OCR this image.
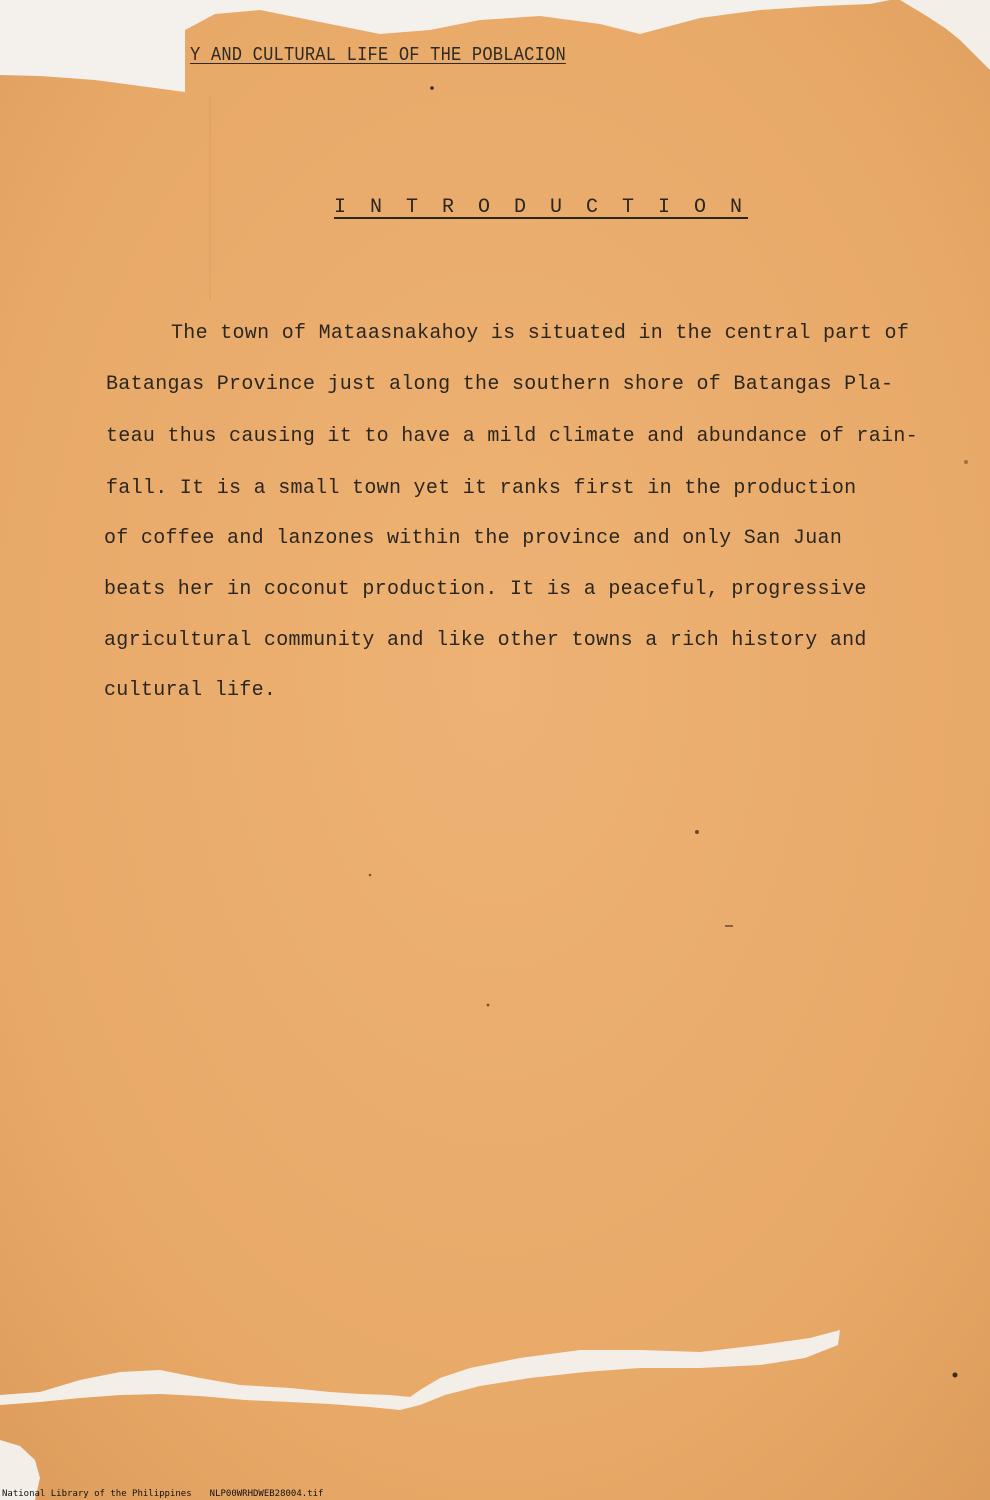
Y AND CULTURAL LIFE OF THE POBLACION
I N T R O D U C T I O N
The town of Mataasnakahoy is situated in the central part of
Batangas Province just along the southern shore of Batangas Pla-
teau thus causing it to have a mild climate and abundance of rain-
fall. It is a small town yet it ranks first in the production
of coffee and lanzones within the province and only San Juan
beats her in coconut production. It is a peaceful, progressive
agricultural community and like other towns a rich history and
cultural life.
National Library of the Philippines NLP00WRHDWEB28004.tif
